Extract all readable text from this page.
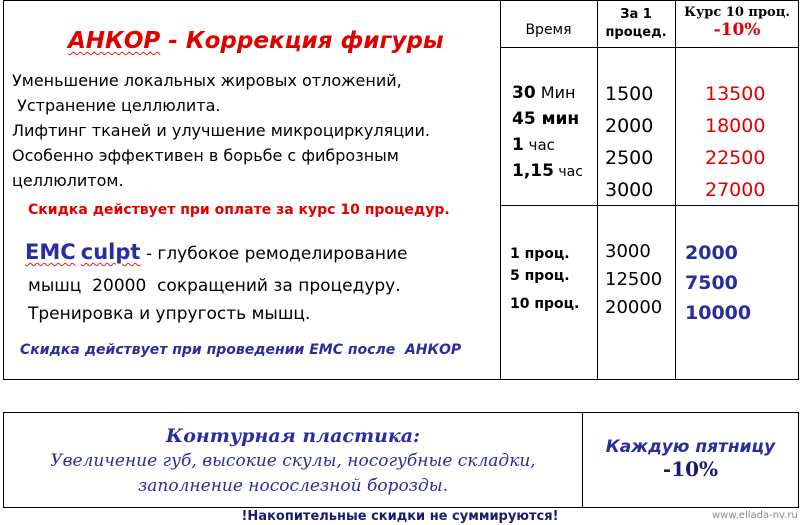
АНКОР - Коррекция фигуры
Уменьшение локальных жировых отложений,
Устранение целлюлита.
Лифтинг тканей и улучшение микроциркуляции.
Особенно эффективен в борьбе с фиброзным
целлюлитом.
Скидка действует при оплате за курс 10 процедур.
EMC culpt - глубокое ремоделирование
мышц  20000  сокращений за процедуру.
Тренировка и упругость мышц.
Скидка действует при проведении EMC после  АНКОР
Время
За 1
процед.
Курс 10 проц.
-10%
30 Мин
45 мин
1 час
1,15 час
1500
2000
2500
3000
13500
18000
22500
27000
1 проц.
5 проц.
10 проц.
3000
12500
20000
2000
7500
10000
Контурная пластика:
Увеличение губ, высокие скулы, носогубные складки,
заполнение носослезной борозды.
Каждую пятницу
-10%
!Накопительные скидки не суммируются!	www.ellada-nv.ru
